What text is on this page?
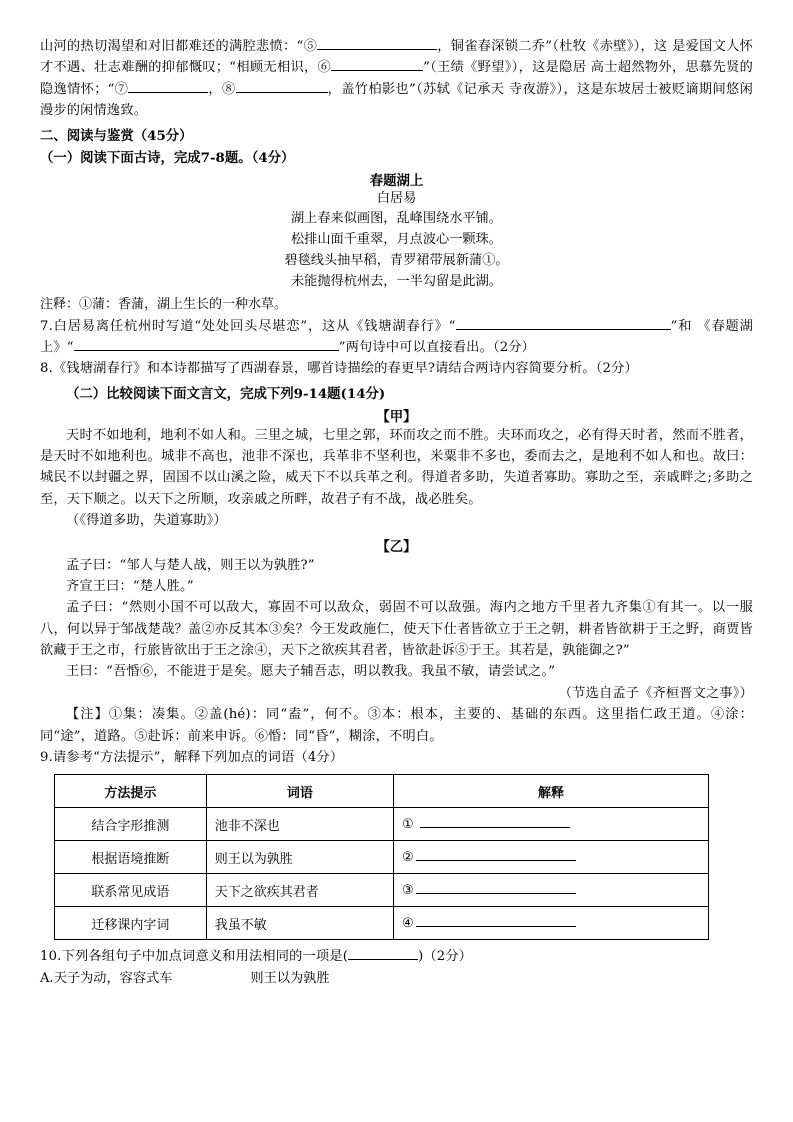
山河的热切渴望和对旧都难还的满腔悲愤：“⑤	，铜雀春深锁二乔”（杜牧《赤壁》），这 是爱国文人怀才不遇、壮志难酬的抑郁慨叹；“相顾无相识，⑥	”（王绩《野望》），这是隐居 高士超然物外，思慕先贤的隐逸情怀；“⑦	，⑧	，盖竹柏影也”（苏轼《记承天 寺夜游》），这是东坡居士被贬谪期间悠闲漫步的闲情逸致。
二、阅读与鉴赏（45分）
（一）阅读下面古诗，完成7-8题。（4分）
春题湖上
白居易
湖上春来似画图，乱峰围绕水平铺。
松排山面千重翠，月点波心一颗珠。
碧毯线头抽早稻，青罗裙带展新蒲①。
未能抛得杭州去，一半勾留是此湖。
注释：①蒲：香蒲，湖上生长的一种水草。
7.白居易离任杭州时写道“处处回头尽堪恋”，这从《钱塘湖春行》“	”和 《春题湖上》“	”两句诗中可以直接看出。（2分）
8.《钱塘湖春行》和本诗都描写了西湖春景，哪首诗描绘的春更早?请结合两诗内容简要分析。（2分）
（二）比较阅读下面文言文，完成下列9-14题(14分)
【甲】
天时不如地利，地利不如人和。三里之城，七里之郭，环而攻之而不胜。夫环而攻之，必有得天时者，然而不胜者，是天时不如地利也。城非不高也，池非不深也，兵革非不坚利也，米粟非不多也，委而去之，是地利不如人和也。故曰：城民不以封疆之界，固国不以山溪之险，威天下不以兵革之利。得道者多助，失道者寡助。寡助之至，亲戚畔之;多助之至，天下顺之。以天下之所顺，攻亲戚之所畔，故君子有不战，战必胜矣。
（《得道多助，失道寡助》）
【乙】
孟子曰：“邹人与楚人战，则王以为孰胜?”
齐宣王曰：“楚人胜。”
孟子曰：“然则小国不可以敌大，寡固不可以敌众，弱固不可以敌强。海内之地方千里者九齐集①有其一。以一服八，何以异于邹战楚哉？盖②亦反其本③矣？今王发政施仁，使天下仕者皆欲立于王之朝，耕者皆欲耕于王之野，商贾皆欲藏于王之市，行旅皆欲出于王之涂④，天下之欲疾其君者，皆欲赴诉⑤于王。其若是，孰能御之?”
王曰：“吾惛⑥，不能进于是矣。愿夫子辅吾志，明以教我。我虽不敏，请尝试之。”
（节选自孟子《齐桓晋文之事》）
【注】①集：凑集。②盖(hé)：同“盍”，何不。③本：根本，主要的、基础的东西。这里指仁政王道。④涂：同“途”，道路。⑤赴诉：前来申诉。⑥惛：同“昏”，糊涂，不明白。
9.请参考“方法提示”，解释下列加点的词语（4分）
方法提示	词语	解释
结合字形推测	池非不深也	①
根据语境推断	则王以为孰胜	②
联系常见成语	天下之欲疾其君者	③
迁移课内字词	我虽不敏	④
10.下列各组句子中加点词意义和用法相同的一项是(	)（2分）
A.天子为动，容容式车	则王以为孰胜
